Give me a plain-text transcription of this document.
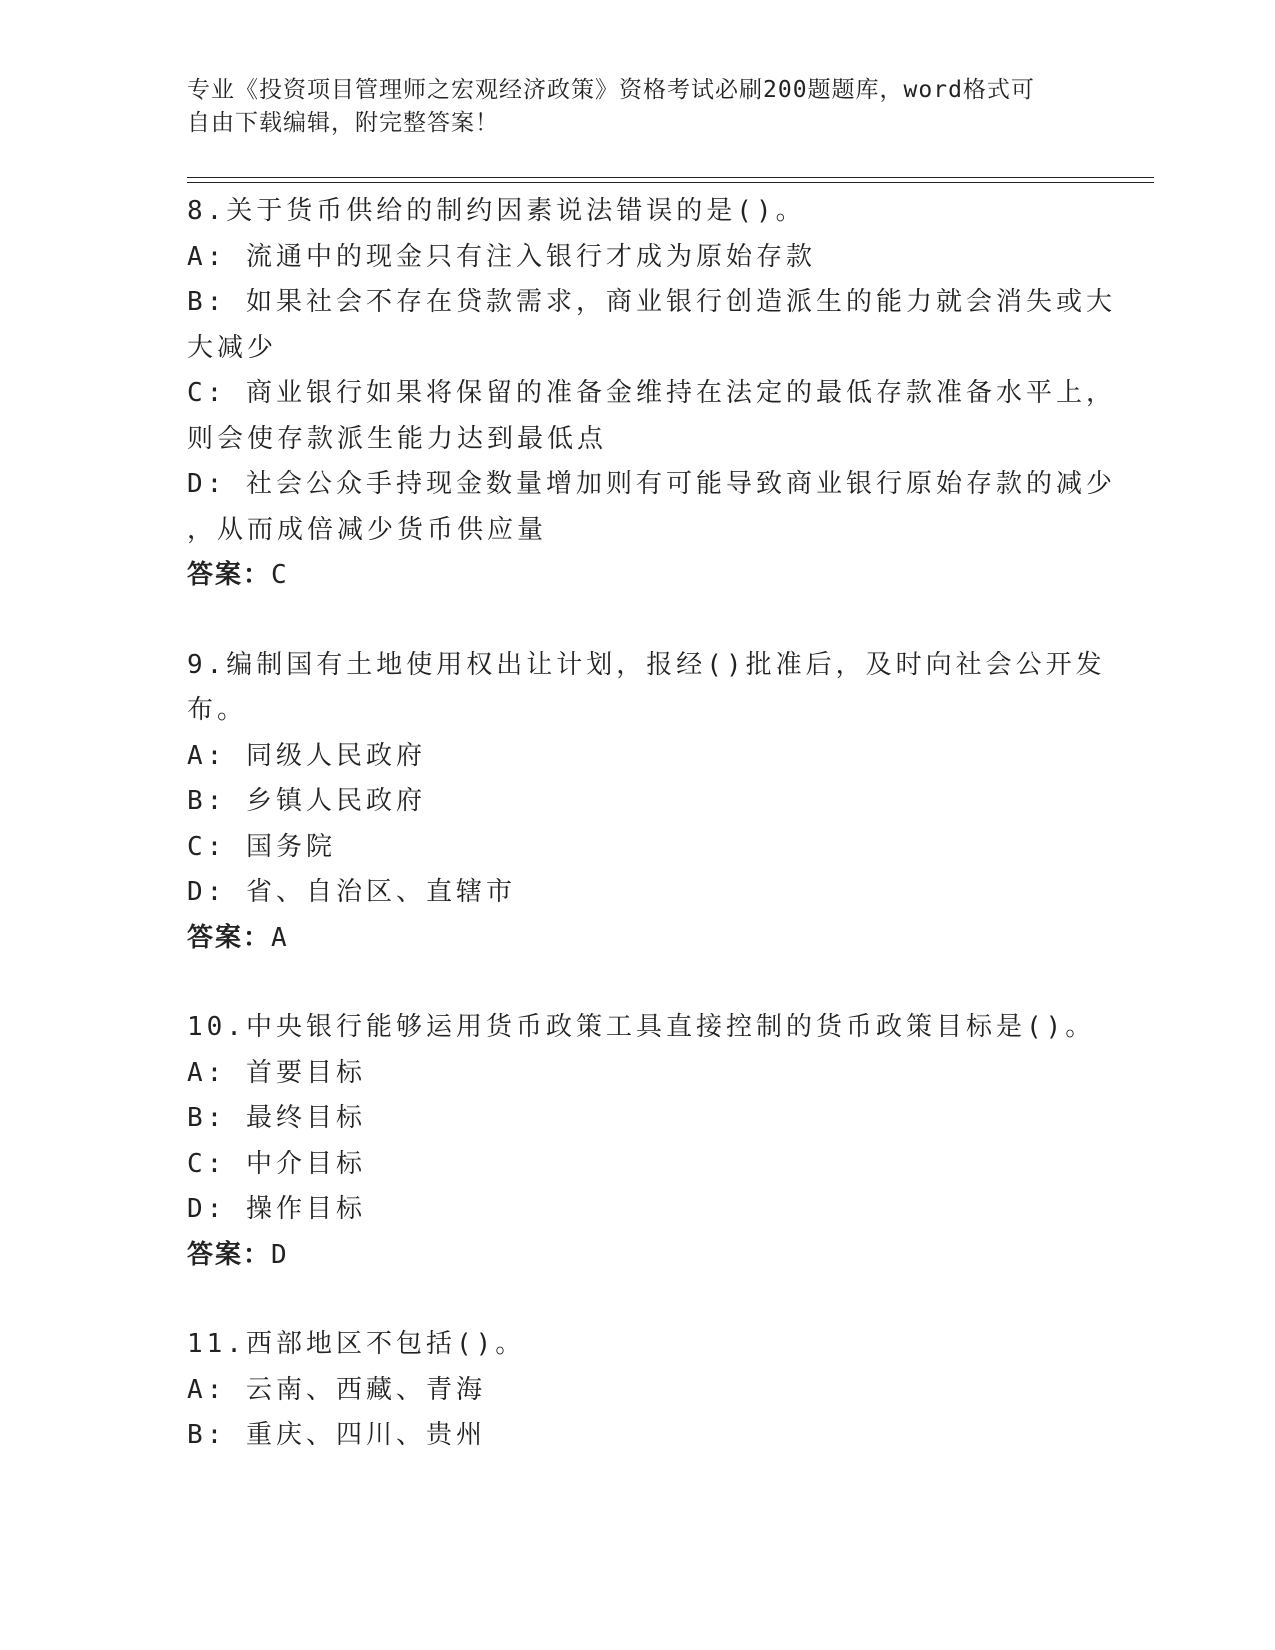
专业《投资项目管理师之宏观经济政策》资格考试必刷200题题库，word格式可
自由下载编辑，附完整答案！
8.关于货币供给的制约因素说法错误的是()。
A: 流通中的现金只有注入银行才成为原始存款
B: 如果社会不存在贷款需求，商业银行创造派生的能力就会消失或大
大减少
C: 商业银行如果将保留的准备金维持在法定的最低存款准备水平上，
则会使存款派生能力达到最低点
D: 社会公众手持现金数量增加则有可能导致商业银行原始存款的减少
，从而成倍减少货币供应量
答案：C
9.编制国有土地使用权出让计划，报经()批准后，及时向社会公开发
布。
A: 同级人民政府
B: 乡镇人民政府
C: 国务院
D: 省、自治区、直辖市
答案：A
10.中央银行能够运用货币政策工具直接控制的货币政策目标是()。
A: 首要目标
B: 最终目标
C: 中介目标
D: 操作目标
答案：D
11.西部地区不包括()。
A: 云南、西藏、青海
B: 重庆、四川、贵州
